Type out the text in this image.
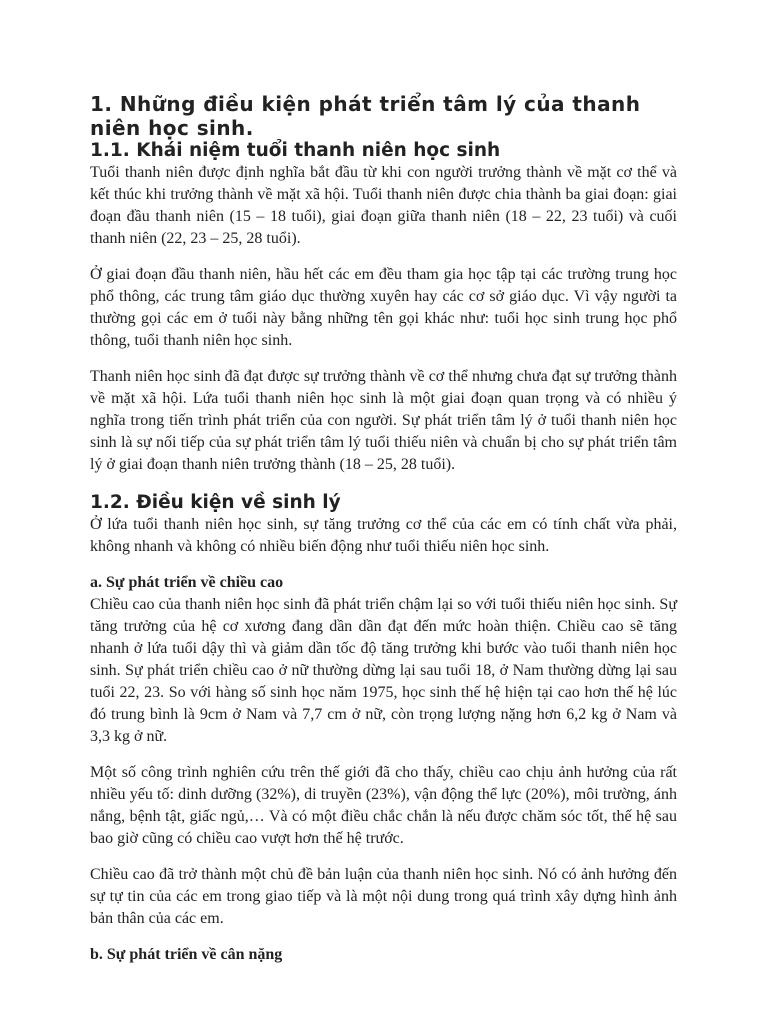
1. Những điều kiện phát triển tâm lý của thanh niên học sinh.
1.1. Khái niệm tuổi thanh niên học sinh

Tuổi thanh niên được định nghĩa bắt đầu từ khi con người trưởng thành về mặt cơ thể và kết thúc khi trưởng thành về mặt xã hội. Tuổi thanh niên được chia thành ba giai đoạn: giai đoạn đầu thanh niên (15 – 18 tuổi), giai đoạn giữa thanh niên (18 – 22, 23 tuổi) và cuối thanh niên (22, 23 – 25, 28 tuổi).

Ở giai đoạn đầu thanh niên, hầu hết các em đều tham gia học tập tại các trường trung học phổ thông, các trung tâm giáo dục thường xuyên hay các cơ sở giáo dục. Vì vậy người ta thường gọi các em ở tuổi này bằng những tên gọi khác như: tuổi học sinh trung học phổ thông, tuổi thanh niên học sinh.

Thanh niên học sinh đã đạt được sự trưởng thành về cơ thể nhưng chưa đạt sự trưởng thành về mặt xã hội. Lứa tuổi thanh niên học sinh là một giai đoạn quan trọng và có nhiều ý nghĩa trong tiến trình phát triển của con người. Sự phát triển tâm lý ở tuổi thanh niên học sinh là sự nối tiếp của sự phát triển tâm lý tuổi thiếu niên và chuẩn bị cho sự phát triển tâm lý ở giai đoạn thanh niên trưởng thành (18 – 25, 28 tuổi).

1.2. Điều kiện về sinh lý

Ở lứa tuổi thanh niên học sinh, sự tăng trưởng cơ thể của các em có tính chất vừa phải, không nhanh và không có nhiều biến động như tuổi thiếu niên học sinh.

a. Sự phát triển về chiều cao

Chiều cao của thanh niên học sinh đã phát triển chậm lại so với tuổi thiếu niên học sinh. Sự tăng trưởng của hệ cơ xương đang dần dần đạt đến mức hoàn thiện. Chiều cao sẽ tăng nhanh ở lứa tuổi dậy thì và giảm dần tốc độ tăng trưởng khi bước vào tuổi thanh niên học sinh. Sự phát triển chiều cao ở nữ thường dừng lại sau tuổi 18, ở Nam thường dừng lại sau tuổi 22, 23. So với hàng số sinh học năm 1975, học sinh thế hệ hiện tại cao hơn thế hệ lúc đó trung bình là 9cm ở Nam và 7,7 cm ở nữ, còn trọng lượng nặng hơn 6,2 kg ở Nam và 3,3 kg ở nữ.

Một số công trình nghiên cứu trên thế giới đã cho thấy, chiều cao chịu ảnh hưởng của rất nhiều yếu tố: dinh dưỡng (32%), di truyền (23%), vận động thể lực (20%), môi trường, ánh nắng, bệnh tật, giấc ngủ,… Và có một điều chắc chắn là nếu được chăm sóc tốt, thế hệ sau bao giờ cũng có chiều cao vượt hơn thế hệ trước.

Chiều cao đã trở thành một chủ đề bản luận của thanh niên học sinh. Nó có ảnh hưởng đến sự tự tin của các em trong giao tiếp và là một nội dung trong quá trình xây dựng hình ảnh bản thân của các em.

b. Sự phát triển về cân nặng
